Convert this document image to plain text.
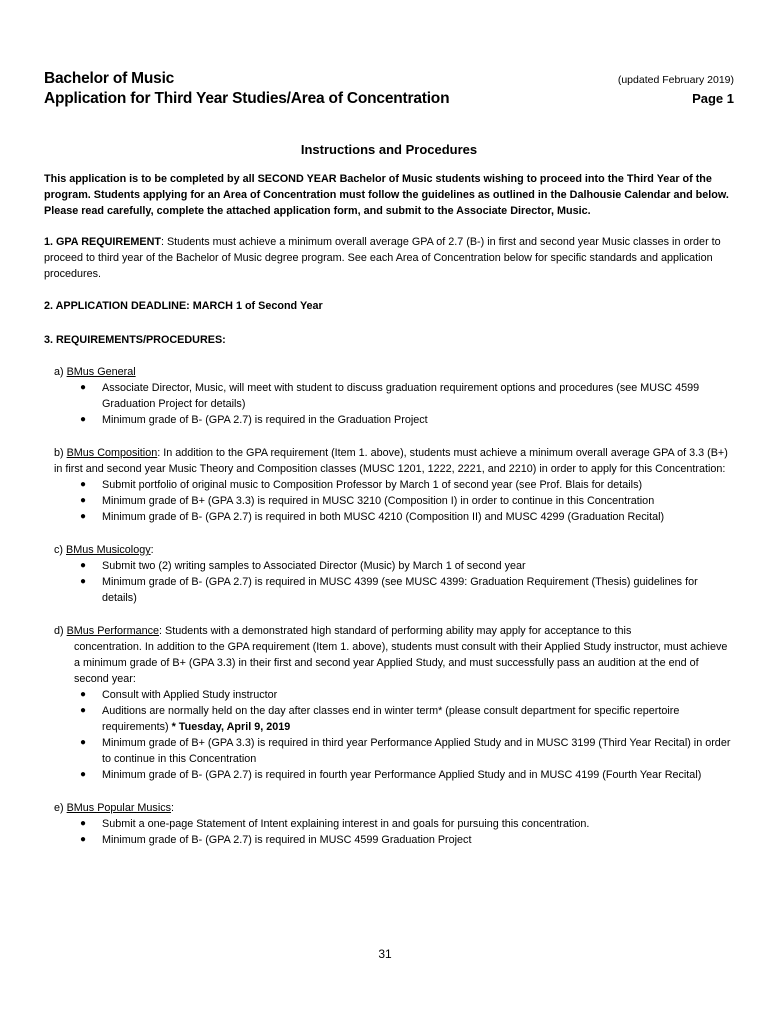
Bachelor of Music	(updated February 2019)
Application for Third Year Studies/Area of Concentration	Page 1
Instructions and Procedures
This application is to be completed by all SECOND YEAR Bachelor of Music students wishing to proceed into the Third Year of the program. Students applying for an Area of Concentration must follow the guidelines as outlined in the Dalhousie Calendar and below. Please read carefully, complete the attached application form, and submit to the Associate Director, Music.
1. GPA REQUIREMENT: Students must achieve a minimum overall average GPA of 2.7 (B-) in first and second year Music classes in order to proceed to third year of the Bachelor of Music degree program. See each Area of Concentration below for specific standards and application procedures.
2. APPLICATION DEADLINE: MARCH 1 of Second Year
3. REQUIREMENTS/PROCEDURES:
a) BMus General
● Associate Director, Music, will meet with student to discuss graduation requirement options and procedures (see MUSC 4599 Graduation Project for details)
● Minimum grade of B- (GPA 2.7) is required in the Graduation Project
b) BMus Composition: In addition to the GPA requirement (Item 1. above), students must achieve a minimum overall average GPA of 3.3 (B+) in first and second year Music Theory and Composition classes (MUSC 1201, 1222, 2221, and 2210) in order to apply for this Concentration:
● Submit portfolio of original music to Composition Professor by March 1 of second year (see Prof. Blais for details)
● Minimum grade of B+ (GPA 3.3) is required in MUSC 3210 (Composition I) in order to continue in this Concentration
● Minimum grade of B- (GPA 2.7) is required in both MUSC 4210 (Composition II) and MUSC 4299 (Graduation Recital)
c) BMus Musicology:
● Submit two (2) writing samples to Associated Director (Music) by March 1 of second year
● Minimum grade of B- (GPA 2.7) is required in MUSC 4399 (see MUSC 4399: Graduation Requirement (Thesis) guidelines for details)
d) BMus Performance: Students with a demonstrated high standard of performing ability may apply for acceptance to this
concentration. In addition to the GPA requirement (Item 1. above), students must consult with their Applied Study instructor, must achieve a minimum grade of B+ (GPA 3.3) in their first and second year Applied Study, and must successfully pass an audition at the end of second year:
● Consult with Applied Study instructor
● Auditions are normally held on the day after classes end in winter term* (please consult department for specific repertoire requirements) * Tuesday, April 9, 2019
● Minimum grade of B+ (GPA 3.3) is required in third year Performance Applied Study and in MUSC 3199 (Third Year Recital) in order to continue in this Concentration
● Minimum grade of B- (GPA 2.7) is required in fourth year Performance Applied Study and in MUSC 4199 (Fourth Year Recital)
e) BMus Popular Musics:
● Submit a one-page Statement of Intent explaining interest in and goals for pursuing this concentration.
● Minimum grade of B- (GPA 2.7) is required in MUSC 4599 Graduation Project
31
